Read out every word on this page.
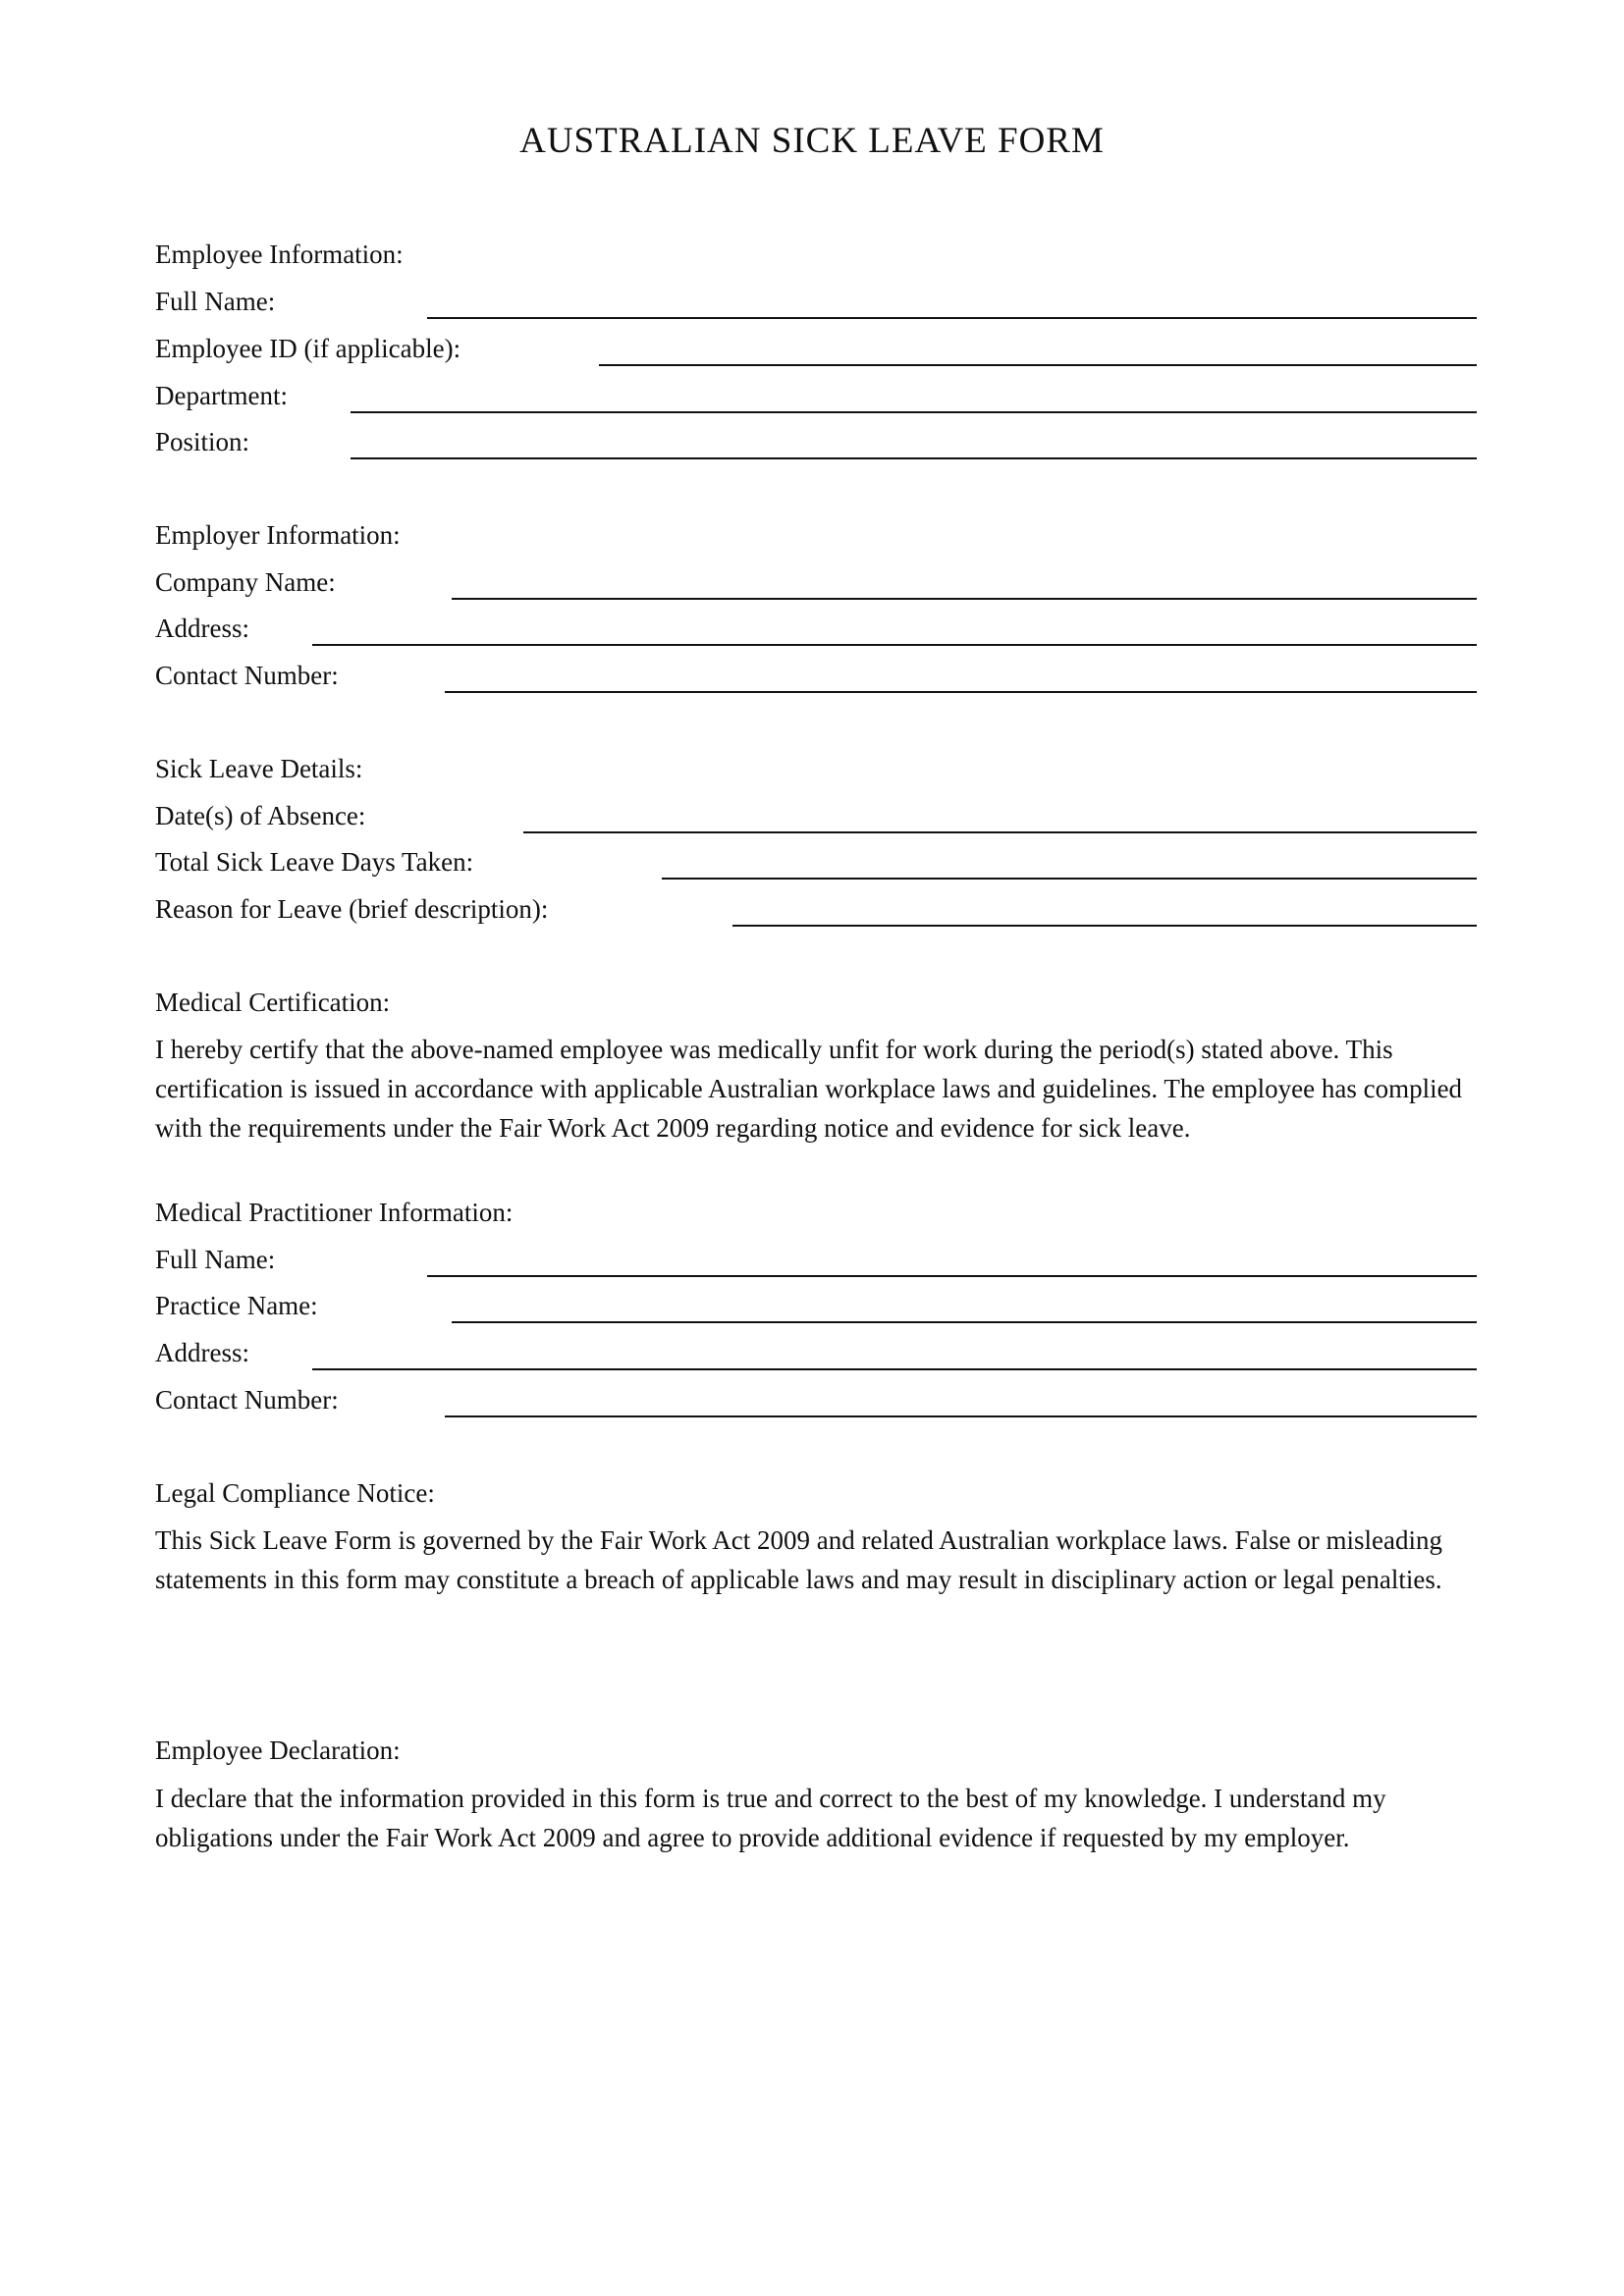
AUSTRALIAN SICK LEAVE FORM
Employee Information:
Full Name:
Employee ID (if applicable):
Department:
Position:
Employer Information:
Company Name:
Address:
Contact Number:
Sick Leave Details:
Date(s) of Absence:
Total Sick Leave Days Taken:
Reason for Leave (brief description):
Medical Certification:
I hereby certify that the above-named employee was medically unfit for work during the period(s) stated above. This certification is issued in accordance with applicable Australian workplace laws and guidelines. The employee has complied with the requirements under the Fair Work Act 2009 regarding notice and evidence for sick leave.
Medical Practitioner Information:
Full Name:
Practice Name:
Address:
Contact Number:
Legal Compliance Notice:
This Sick Leave Form is governed by the Fair Work Act 2009 and related Australian workplace laws. False or misleading statements in this form may constitute a breach of applicable laws and may result in disciplinary action or legal penalties.
Employee Declaration:
I declare that the information provided in this form is true and correct to the best of my knowledge. I understand my obligations under the Fair Work Act 2009 and agree to provide additional evidence if requested by my employer.
